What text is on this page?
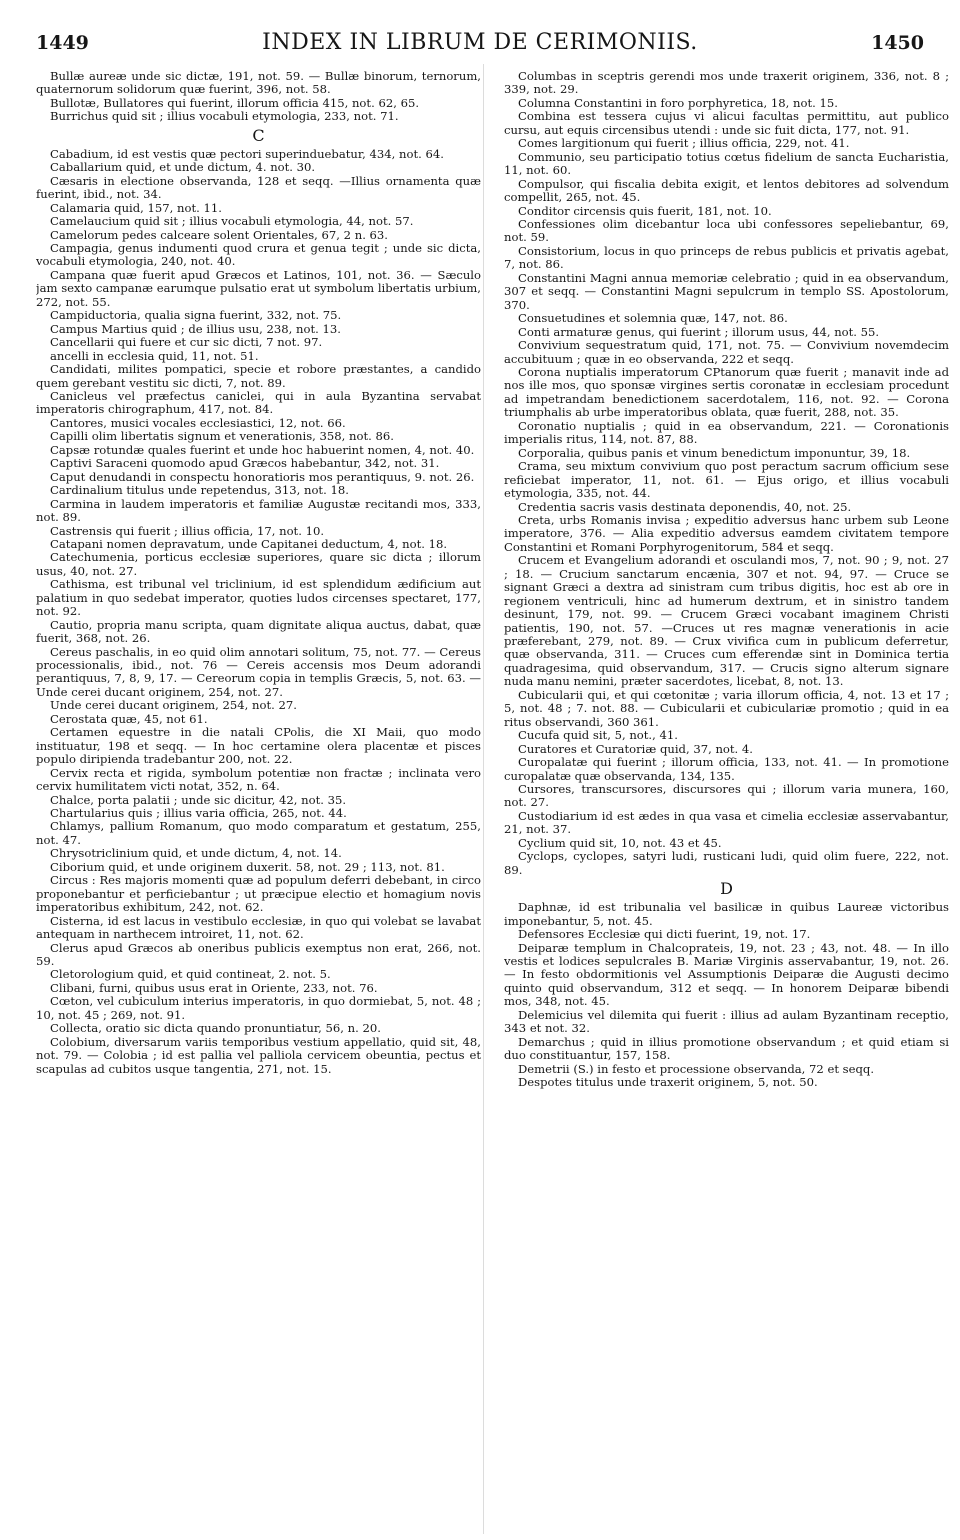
1449	INDEX IN LIBRUM DE CERIMONIIS.	1450

Bullæ aureæ unde sic dictæ, 191, not. 59. — Bullæ binorum, ternorum, quaternorum solidorum quæ fuerint, 396, not. 58.

Bullotæ, Bullatores qui fuerint, illorum officia 415, not. 62, 65.

Burrichus quid sit ; illius vocabuli etymologia, 233, not. 71.

C

Cabadium, id est vestis quæ pectori superinduebatur, 434, not. 64.

Caballarium quid, et unde dictum, 4. not. 30.

Cæsaris in electione observanda, 128 et seqq. —Illius ornamenta quæ fuerint, ibid., not. 34.

Calamaria quid, 157, not. 11.

Camelaucium quid sit ; illius vocabuli etymologia, 44, not. 57.

Camelorum pedes calceare solent Orientales, 67, 2 n. 63.

Campagia, genus indumenti quod crura et genua tegit ; unde sic dicta, vocabuli etymologia, 240, not. 40.

Campana quæ fuerit apud Græcos et Latinos, 101, not. 36. — Sæculo jam sexto campanæ earumque pulsatio erat ut symbolum libertatis urbium, 272, not. 55.

Campiductoria, qualia signa fuerint, 332, not. 75.

Campus Martius quid ; de illius usu, 238, not. 13.

Cancellarii qui fuere et cur sic dicti, 7 not. 97.

ancelli in ecclesia quid, 11, not. 51.

Candidati, milites pompatici, specie et robore præstantes, a candido quem gerebant vestitu sic dicti, 7, not. 89.

Canicleus vel præfectus caniclei, qui in aula Byzantina servabat imperatoris chirographum, 417, not. 84.

Cantores, musici vocales ecclesiastici, 12, not. 66.

Capilli olim libertatis signum et venerationis, 358, not. 86.

Capsæ rotundæ quales fuerint et unde hoc habuerint nomen, 4, not. 40.

Captivi Saraceni quomodo apud Græcos habebantur, 342, not. 31.

Caput denudandi in conspectu honoratioris mos perantiquus, 9. not. 26.

Cardinalium titulus unde repetendus, 313, not. 18.

Carmina in laudem imperatoris et familiæ Augustæ recitandi mos, 333, not. 89.

Castrensis qui fuerit ; illius officia, 17, not. 10.

Catapani nomen depravatum, unde Capitanei deductum, 4, not. 18.

Catechumenia, porticus ecclesiæ superiores, quare sic dicta ; illorum usus, 40, not. 27.

Cathisma, est tribunal vel triclinium, id est splendidum ædificium aut palatium in quo sedebat imperator, quoties ludos circenses spectaret, 177, not. 92.

Cautio, propria manu scripta, quam dignitate aliqua auctus, dabat, quæ fuerit, 368, not. 26.

Cereus paschalis, in eo quid olim annotari solitum, 75, not. 77. — Cereus processionalis, ibid., not. 76 — Cereis accensis mos Deum adorandi perantiquus, 7, 8, 9, 17. — Cereorum copia in templis Græcis, 5, not. 63. — Unde cerei ducant originem, 254, not. 27.

Unde cerei ducant originem, 254, not. 27.

Cerostata quæ, 45, not 61.

Certamen equestre in die natali CPolis, die XI Maii, quo modo instituatur, 198 et seqq. — In hoc certamine olera placentæ et pisces populo diripienda tradebantur 200, not. 22.

Cervix recta et rigida, symbolum potentiæ non fractæ ; inclinata vero cervix humilitatem victi notat, 352, n. 64.

Chalce, porta palatii ; unde sic dicitur, 42, not. 35.

Chartularius quis ; illius varia officia, 265, not. 44.

Chlamys, pallium Romanum, quo modo comparatum et gestatum, 255, not. 47.

Chrysotriclinium quid, et unde dictum, 4, not. 14.

Ciborium quid, et unde originem duxerit. 58, not. 29 ; 113, not. 81.

Circus : Res majoris momenti quæ ad populum deferri debebant, in circo proponebantur et perficiebantur ; ut præcipue electio et homagium novis imperatoribus exhibitum, 242, not. 62.

Cisterna, id est lacus in vestibulo ecclesiæ, in quo qui volebat se lavabat antequam in narthecem introiret, 11, not. 62.

Clerus apud Græcos ab oneribus publicis exemptus non erat, 266, not. 59.

Cletorologium quid, et quid contineat, 2. not. 5.

Clibani, furni, quibus usus erat in Oriente, 233, not. 76.

Cœton, vel cubiculum interius imperatoris, in quo dormiebat, 5, not. 48 ; 10, not. 45 ; 269, not. 91.

Collecta, oratio sic dicta quando pronuntiatur, 56, n. 20.

Colobium, diversarum variis temporibus vestium appellatio, quid sit, 48, not. 79. — Colobia ; id est pallia vel palliola cervicem obeuntia, pectus et scapulas ad cubitos usque tangentia, 271, not. 15.

Columbas in sceptris gerendi mos unde traxerit originem, 336, not. 8 ; 339, not. 29.

Columna Constantini in foro porphyretica, 18, not. 15.

Combina est tessera cujus vi alicui facultas permittitu, aut publico cursu, aut equis circensibus utendi : unde sic fuit dicta, 177, not. 91.

Comes largitionum qui fuerit ; illius officia, 229, not. 41.

Communio, seu participatio totius cœtus fidelium de sancta Eucharistia, 11, not. 60.

Compulsor, qui fiscalia debita exigit, et lentos debitores ad solvendum compellit, 265, not. 45.

Conditor circensis quis fuerit, 181, not. 10.

Confessiones olim dicebantur loca ubi confessores sepeliebantur, 69, not. 59.

Consistorium, locus in quo princeps de rebus publicis et privatis agebat, 7, not. 86.

Constantini Magni annua memoriæ celebratio ; quid in ea observandum, 307 et seqq. — Constantini Magni sepulcrum in templo SS. Apostolorum, 370.

Consuetudines et solemnia quæ, 147, not. 86.

Conti armaturæ genus, qui fuerint ; illorum usus, 44, not. 55.

Convivium sequestratum quid, 171, not. 75. — Convivium novemdecim accubituum ; quæ in eo observanda, 222 et seqq.

Corona nuptialis imperatorum CPtanorum quæ fuerit ; manavit inde ad nos ille mos, quo sponsæ virgines sertis coronatæ in ecclesiam procedunt ad impetrandam benedictionem sacerdotalem, 116, not. 92. — Corona triumphalis ab urbe imperatoribus oblata, quæ fuerit, 288, not. 35.

Coronatio nuptialis ; quid in ea observandum, 221. — Coronationis imperialis ritus, 114, not. 87, 88.

Corporalia, quibus panis et vinum benedictum imponuntur, 39, 18.

Crama, seu mixtum convivium quo post peractum sacrum officium sese reficiebat imperator, 11, not. 61. — Ejus origo, et illius vocabuli etymologia, 335, not. 44.

Credentia sacris vasis destinata deponendis, 40, not. 25.

Creta, urbs Romanis invisa ; expeditio adversus hanc urbem sub Leone imperatore, 376. — Alia expeditio adversus eamdem civitatem tempore Constantini et Romani Porphyrogenitorum, 584 et seqq.

Crucem et Evangelium adorandi et osculandi mos, 7, not. 90 ; 9, not. 27 ; 18. — Crucium sanctarum encænia, 307 et not. 94, 97. — Cruce se signant Græci a dextra ad sinistram cum tribus digitis, hoc est ab ore in regionem ventriculi, hinc ad humerum dextrum, et in sinistro tandem desinunt, 179, not. 99. — Crucem Græci vocabant imaginem Christi patientis, 190, not. 57. —Cruces ut res magnæ venerationis in acie præferebant, 279, not. 89. — Crux vivifica cum in publicum deferretur, quæ observanda, 311. — Cruces cum efferendæ sint in Dominica tertia quadragesima, quid observandum, 317. — Crucis signo alterum signare nuda manu nemini, præter sacerdotes, licebat, 8, not. 13.

Cubicularii qui, et qui cœtonitæ ; varia illorum officia, 4, not. 13 et 17 ; 5, not. 48 ; 7. not. 88. — Cubicularii et cubiculariæ promotio ; quid in ea ritus observandi, 360 361.

Cucufa quid sit, 5, not., 41.

Curatores et Curatoriæ quid, 37, not. 4.

Curopalatæ qui fuerint ; illorum officia, 133, not. 41. — In promotione curopalatæ quæ observanda, 134, 135.

Cursores, transcursores, discursores qui ; illorum varia munera, 160, not. 27.

Custodiarium id est ædes in qua vasa et cimelia ecclesiæ asservabantur, 21, not. 37.

Cyclium quid sit, 10, not. 43 et 45.

Cyclops, cyclopes, satyri ludi, rusticani ludi, quid olim fuere, 222, not. 89.

D

Daphnæ, id est tribunalia vel basilicæ in quibus Laureæ victoribus imponebantur, 5, not. 45.

Defensores Ecclesiæ qui dicti fuerint, 19, not. 17.

Deiparæ templum in Chalcoprateis, 19, not. 23 ; 43, not. 48. — In illo vestis et lodices sepulcrales B. Mariæ Virginis asservabantur, 19, not. 26. — In festo obdormitionis vel Assumptionis Deiparæ die Augusti decimo quinto quid observandum, 312 et seqq. — In honorem Deiparæ bibendi mos, 348, not. 45.

Delemicius vel dilemita qui fuerit : illius ad aulam Byzantinam receptio, 343 et not. 32.

Demarchus ; quid in illius promotione observandum ; et quid etiam si duo constituantur, 157, 158.

Demetrii (S.) in festo et processione observanda, 72 et seqq.

Despotes titulus unde traxerit originem, 5, not. 50.
